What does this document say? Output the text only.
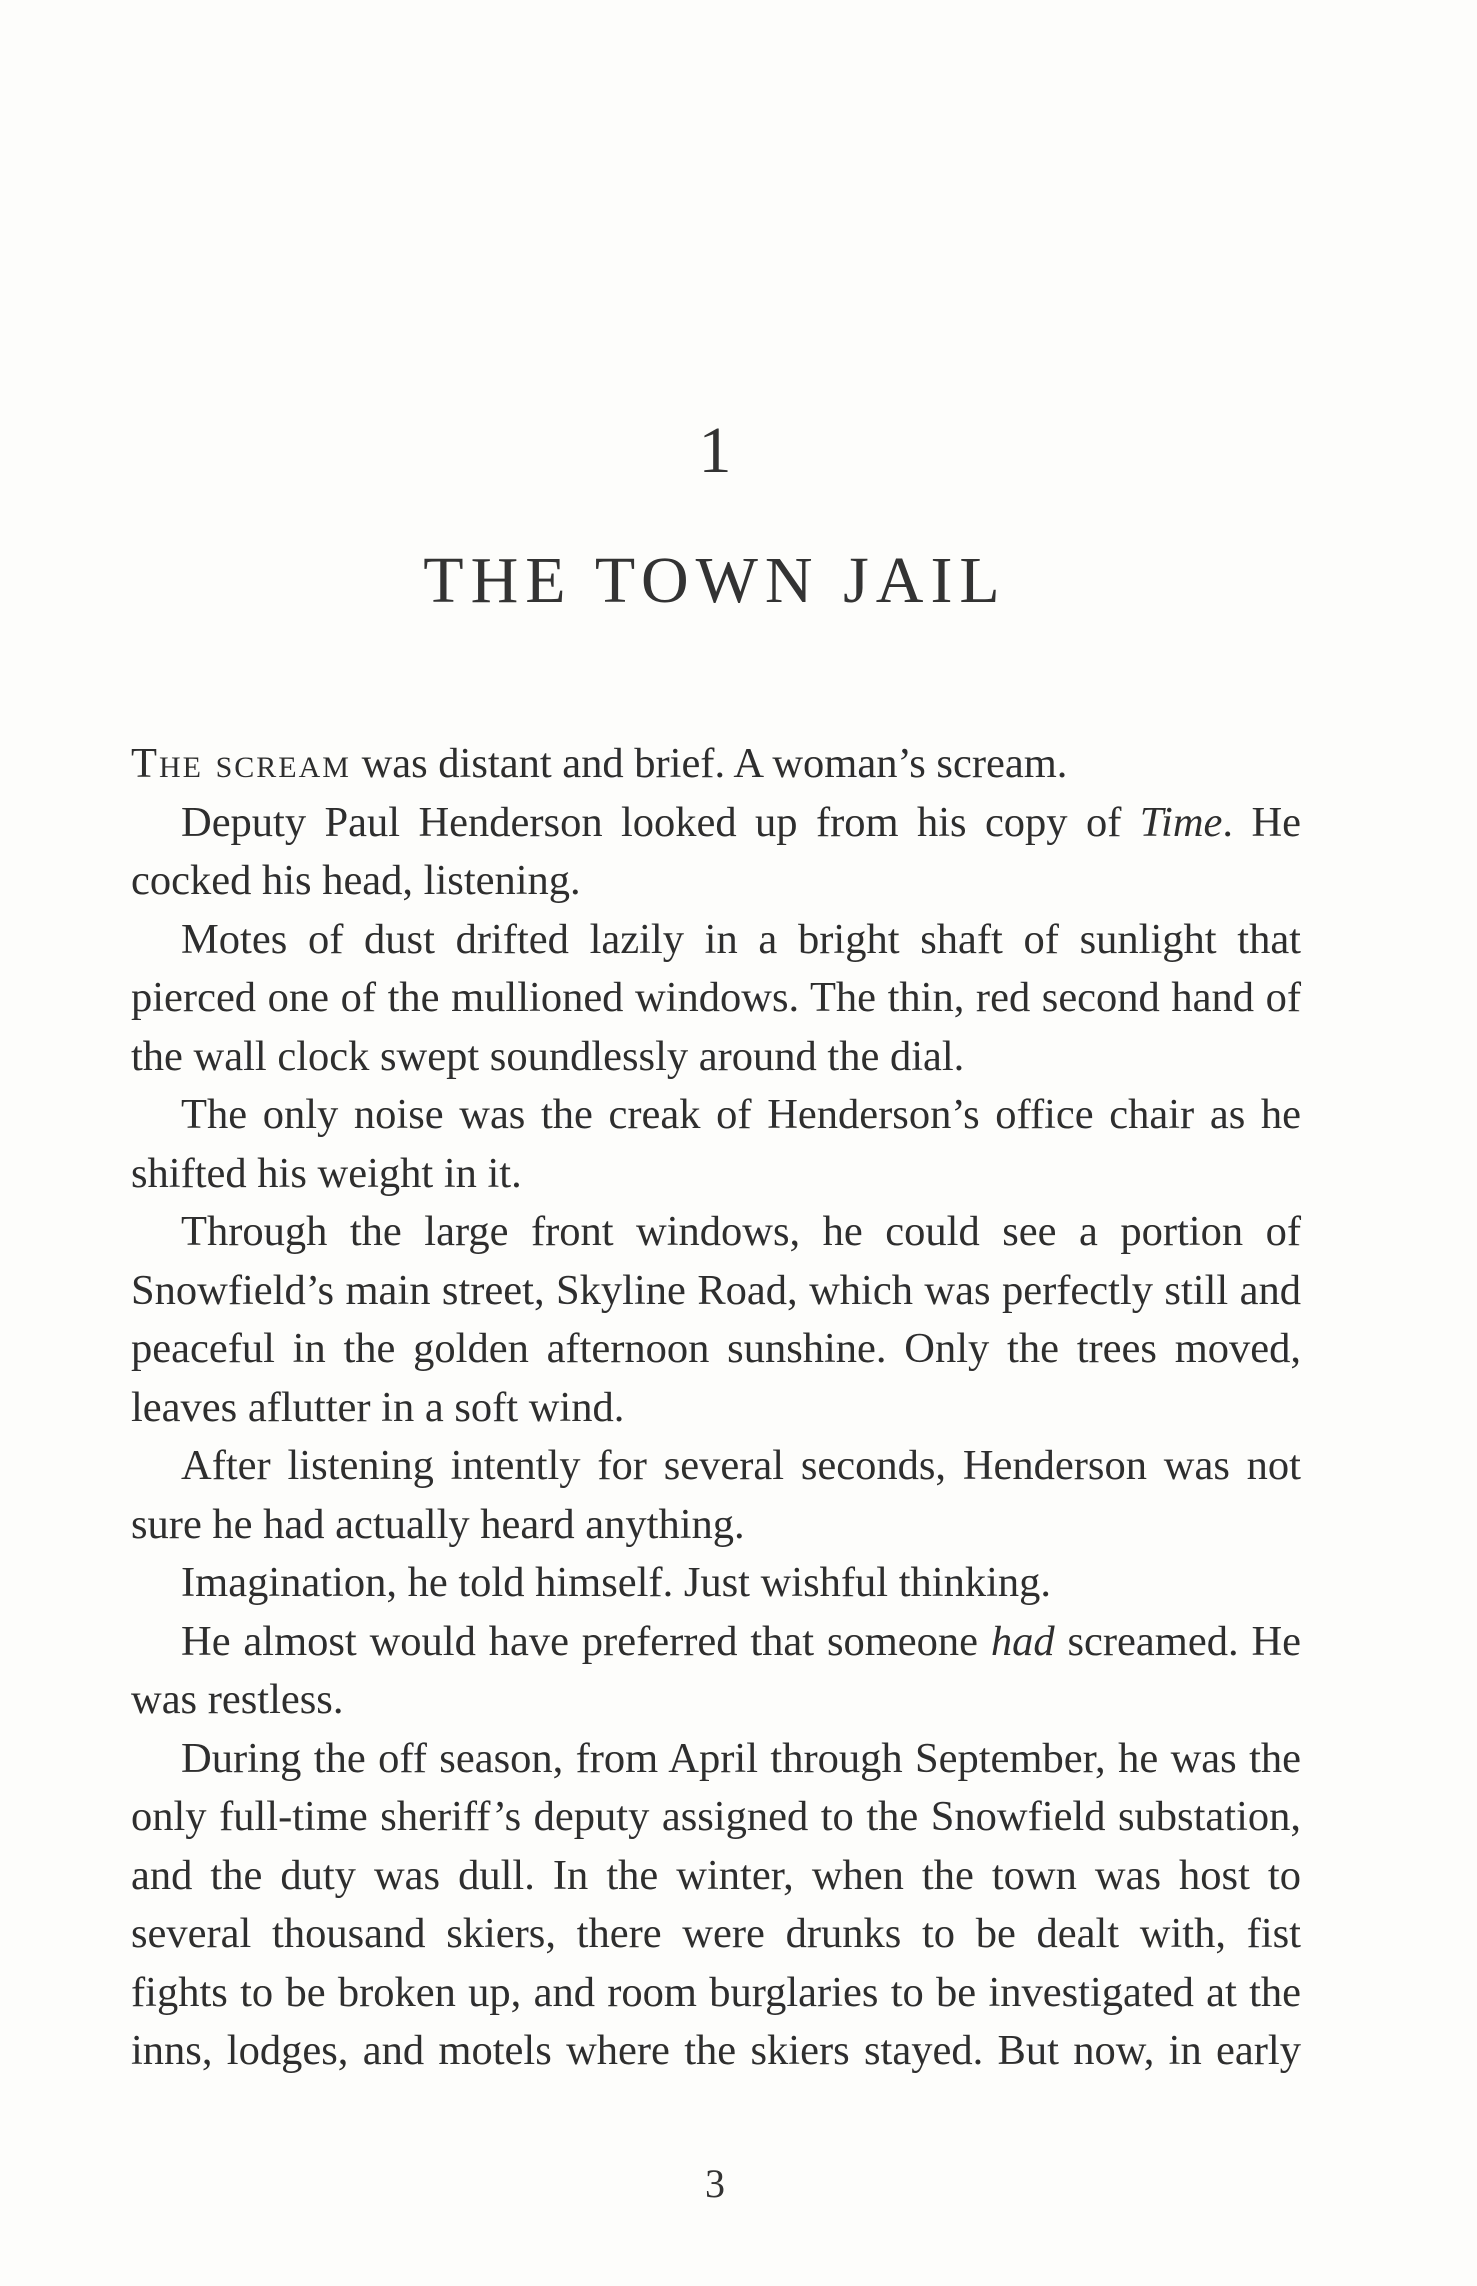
1
THE TOWN JAIL

The scream was distant and brief. A woman’s scream.

Deputy Paul Henderson looked up from his copy of Time. He cocked his head, listening.

Motes of dust drifted lazily in a bright shaft of sunlight that pierced one of the mullioned windows. The thin, red second hand of the wall clock swept soundlessly around the dial.

The only noise was the creak of Henderson’s office chair as he shifted his weight in it.

Through the large front windows, he could see a portion of Snowfield’s main street, Skyline Road, which was perfectly still and peaceful in the golden afternoon sunshine. Only the trees moved, leaves aflutter in a soft wind.

After listening intently for several seconds, Henderson was not sure he had actually heard anything.

Imagination, he told himself. Just wishful thinking.

He almost would have preferred that someone had screamed. He was restless.

During the off season, from April through September, he was the only full-time sheriff’s deputy assigned to the Snowfield substation, and the duty was dull. In the winter, when the town was host to several thousand skiers, there were drunks to be dealt with, fist fights to be broken up, and room burglaries to be investigated at the inns, lodges, and motels where the skiers stayed. But now, in early

3
